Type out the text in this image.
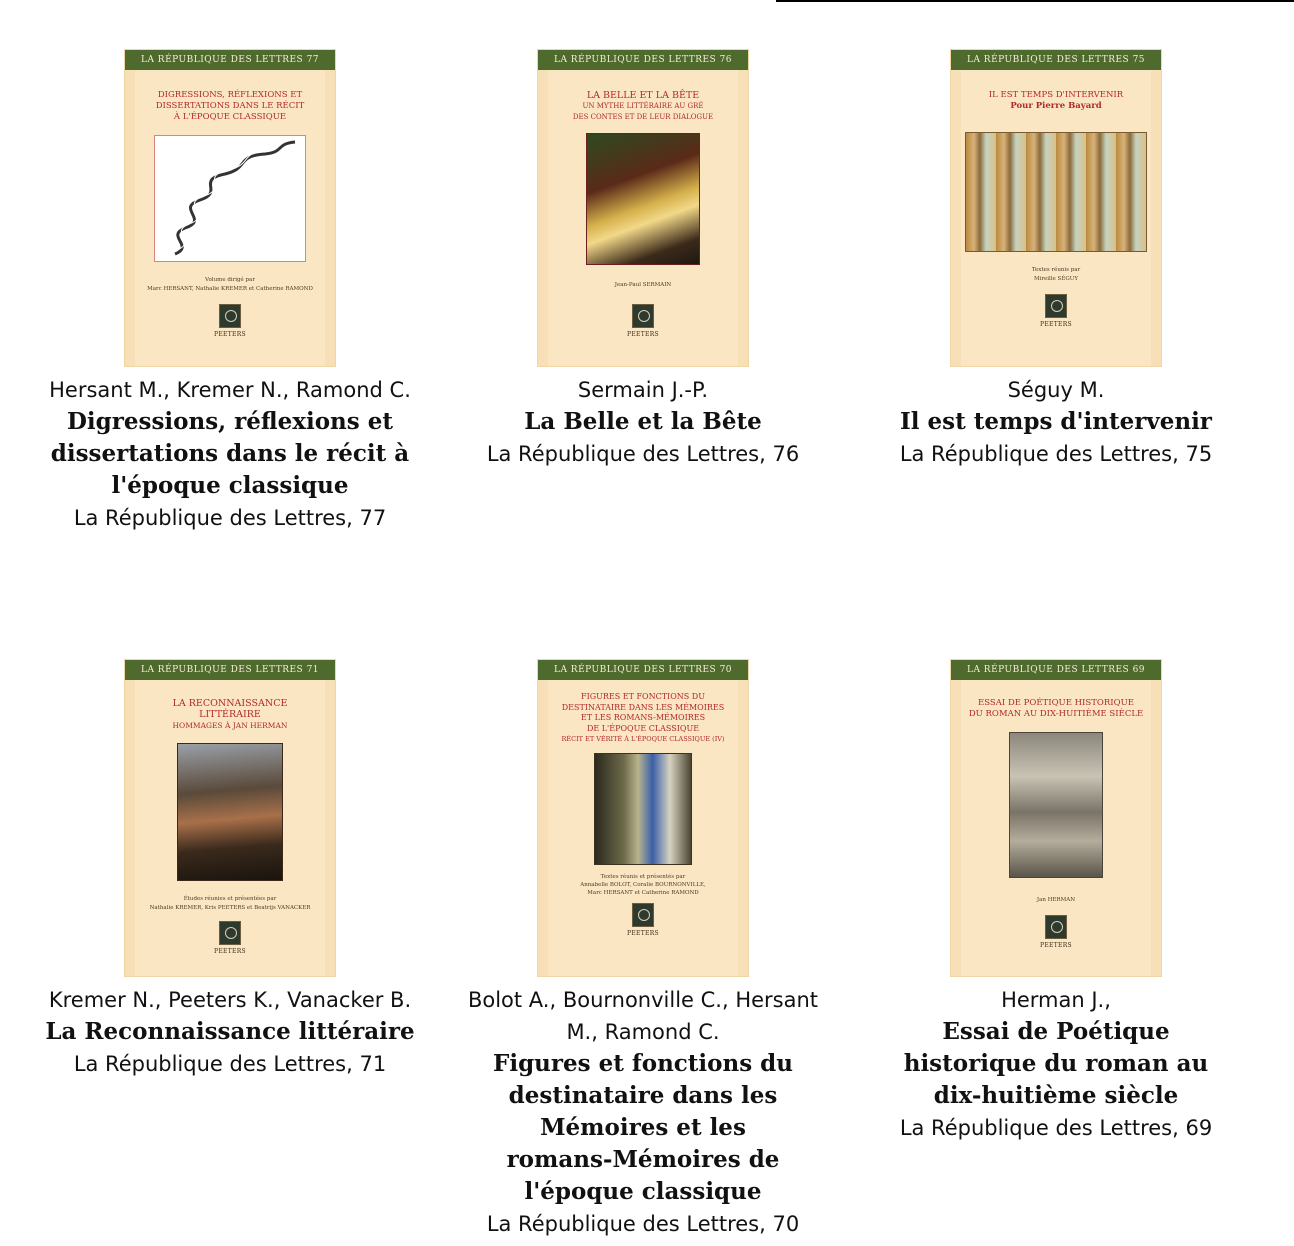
LA RÉPUBLIQUE DES LETTRES 77
DIGRESSIONS, RÉFLEXIONS ET
DISSERTATIONS DANS LE RÉCIT
À L'ÉPOQUE CLASSIQUE
Volume dirigé par
Marc HERSANT, Nathalie KREMER et Catherine RAMOND
PEETERS
Hersant M., Kremer N., Ramond C.
Digressions, réflexions et dissertations dans le récit à l'époque classique
La République des Lettres, 77
LA RÉPUBLIQUE DES LETTRES 76
LA BELLE ET LA BÊTE
UN MYTHE LITTÉRAIRE AU GRÉ
DES CONTES ET DE LEUR DIALOGUE
Jean-Paul SERMAIN
PEETERS
Sermain J.-P.
La Belle et la Bête
La République des Lettres, 76
LA RÉPUBLIQUE DES LETTRES 75
IL EST TEMPS D'INTERVENIR
Pour Pierre Bayard
Textes réunis par
Mireille SÉGUY
PEETERS
Séguy M.
Il est temps d'intervenir
La République des Lettres, 75
LA RÉPUBLIQUE DES LETTRES 71
LA RECONNAISSANCE LITTÉRAIRE
HOMMAGES À JAN HERMAN
Études réunies et présentées par
Nathalie KREMER, Kris PEETERS et Beatrijs VANACKER
PEETERS
Kremer N., Peeters K., Vanacker B.
La Reconnaissance littéraire
La République des Lettres, 71
LA RÉPUBLIQUE DES LETTRES 70
FIGURES ET FONCTIONS DU
DESTINATAIRE DANS LES MÉMOIRES
ET LES ROMANS-MÉMOIRES
DE L'ÉPOQUE CLASSIQUE
RÉCIT ET VÉRITÉ À L'ÉPOQUE CLASSIQUE (IV)
Textes réunis et présentés par
Annabelle BOLOT, Coralie BOURNONVILLE,
Marc HERSANT et Catherine RAMOND
PEETERS
Bolot A., Bournonville C., Hersant M., Ramond C.
Figures et fonctions du destinataire dans les Mémoires et les romans-Mémoires de l'époque classique
La République des Lettres, 70
LA RÉPUBLIQUE DES LETTRES 69
ESSAI DE POÉTIQUE HISTORIQUE
DU ROMAN AU DIX-HUITIÈME SIÈCLE
Jan HERMAN
PEETERS
Herman J.,
Essai de Poétique historique du roman au dix-huitième siècle
La République des Lettres, 69
